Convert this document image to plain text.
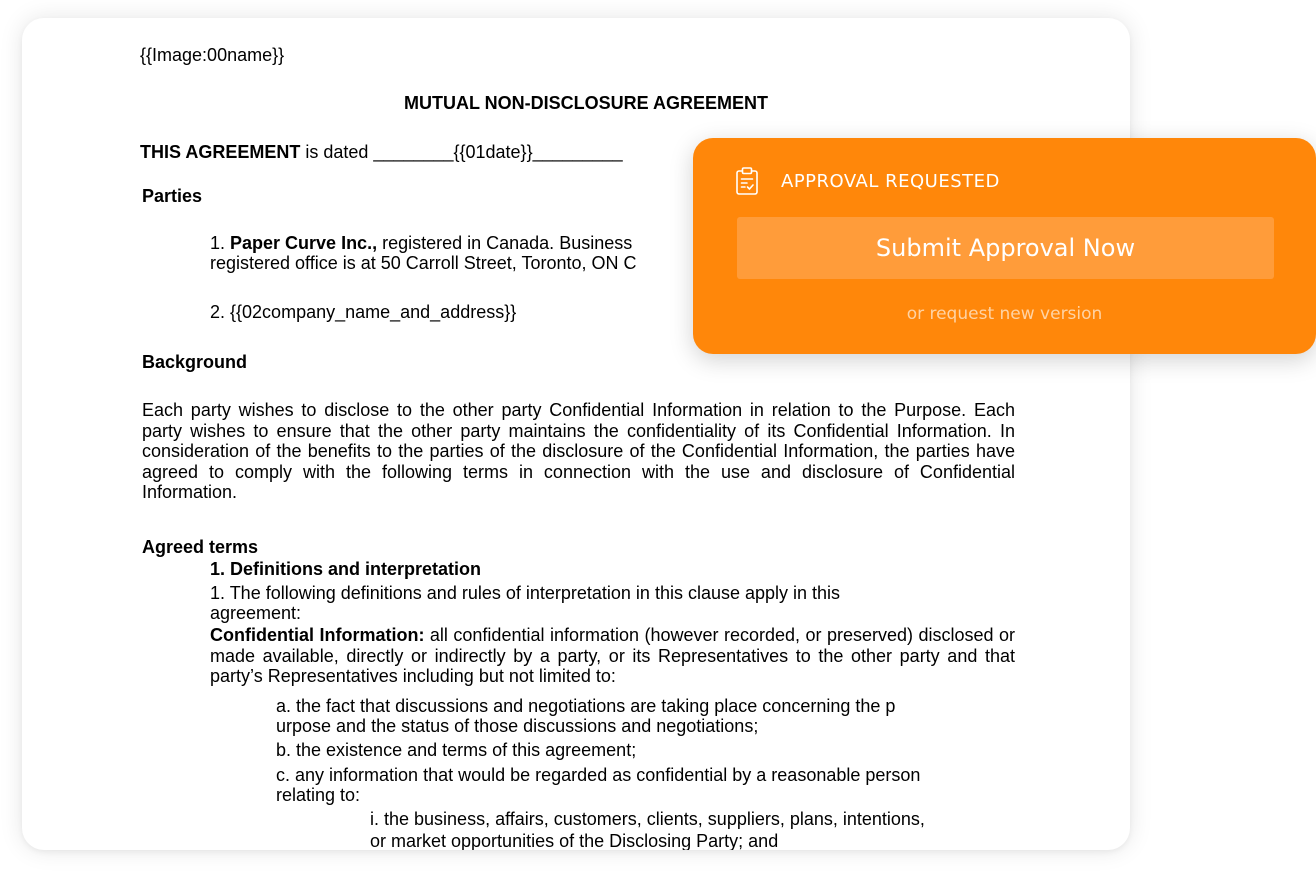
{{Image:00name}}
MUTUAL NON-DISCLOSURE AGREEMENT
THIS AGREEMENT is dated ________{{01date}}_________
Parties
1. Paper Curve Inc., registered in Canada. Business
registered office is at 50 Carroll Street, Toronto, ON C
2. {{02company_name_and_address}}
Background

Each party wishes to disclose to the other party Confidential Information in relation to the Purpose. Each party wishes to ensure that the other party maintains the confidentiality of its Confidential Information. In consideration of the benefits to the parties of the disclosure of the Confidential Information, the parties have agreed to comply with the following terms in connection with the use and disclosure of Confidential Information.

Agreed terms
1. Definitions and interpretation
1. The following definitions and rules of interpretation in this clause apply in this
agreement:

Confidential Information: all confidential information (however recorded, or preserved) disclosed or made available, directly or indirectly by a party, or its Representatives to the other party and that party’s Representatives including but not limited to:

a. the fact that discussions and negotiations are taking place concerning the p
urpose and the status of those discussions and negotiations;
b. the existence and terms of this agreement;
c. any information that would be regarded as confidential by a reasonable person
relating to:
i. the business, affairs, customers, clients, suppliers, plans, intentions,
or market opportunities of the Disclosing Party; and
APPROVAL REQUESTED
Submit Approval Now
or request new version
